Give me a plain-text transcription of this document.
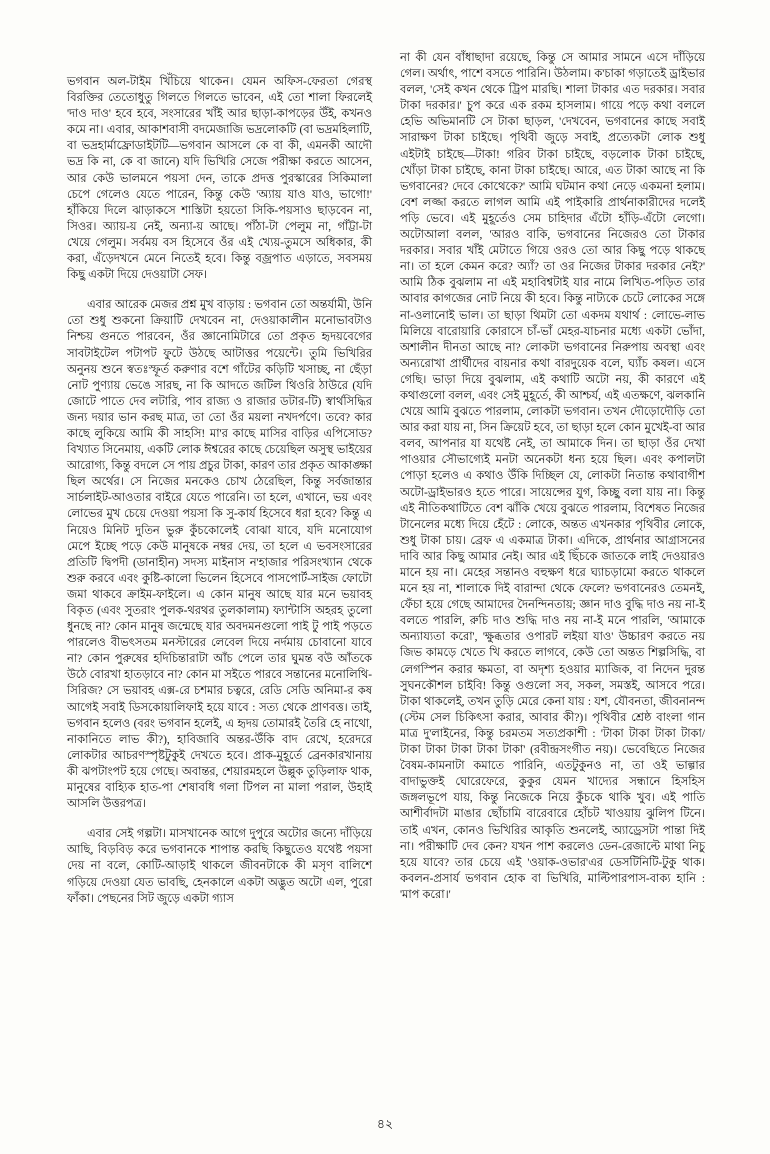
ভগবান অল-টাইম খিঁচিয়ে থাকেন। যেমন অফিস-ফেরতা গেরস্থ বিরক্তির তেতোধুতু গিলতে গিলতে ভাবেন, এই তো শালা ফিরলেই 'দাও দাও' হবে হবে, সংসারের খাঁই আর ছাড়া-কাপড়ের উঁই, কখনও কমে না। এবার, আকাশবাসী বদমেজাজি ভদ্রলোকটি (বা ভদ্রমহিলাটি, বা ভদ্রহার্মাফ্রোডাইটটি—ভগবান আসলে কে বা কী, এমনকী আদৌ ভদ্র কি না, কে বা জানে) যদি ভিখিরি সেজে পরীক্ষা করতে আসেন, আর কেউ ভালমনে পয়সা দেন, তাকে প্রদত্ত পুরস্কারের সিকিমালা চেপে গেলেও যেতে পারেন, কিন্তু কেউ 'অ্যায় যাও যাও, ভাগো!' হাঁকিয়ে দিলে ঝাড়াকসে শাস্তিটা হয়তো সিকি-পয়সাও ছাড়বেন না, সিওর। অ্যায়-য় নেই, অন্যা-য় আছে। পাঁঠা-টা পেলুম না, গাঁট্টা-টা খেয়ে গেলুম। সর্বময় বস হিসেবে ওঁর এই খ্যেয়-তুমসে অধিকার, কী করা, এঁড়েদখনে মেনে নিতেই হবে। কিন্তু বজ্রপাত এড়াতে, সবসময় কিছু একটা দিয়ে দেওয়াটা সেফ।

এবার আরেক মেজর প্রশ্ন মুখ বাড়ায় : ভগবান তো অন্তর্যামী, উনি তো শুধু শুকনো ক্রিয়াটি দেখবেন না, দেওয়াকালীন মনোভাবটাও নিশ্চয় গুনতে পারবেন, ওঁর জ্ঞানোমিটারে তো প্রকৃত হৃদয়বেগের সাবটাইটেল পটাপট ফুটে উঠছে আটাত্তর পয়েন্টে। তুমি ভিখিরির অনুনয় শুনে স্বতঃস্ফূর্ত করুণার বশে গাঁটের কড়িটি খসাচ্ছ, না ছেঁড়া নোট পুণ্যায় ভেঙে সারছ, না কি আদতে জটিল থিওরি ঠাউরে (যদি জোটে পাতে দেব লটারি, পাব রাজ্য ও রাজার ডটার-টি) স্বার্থসিদ্ধির জন্য দয়ার ভান করছ মাত্র, তা তো ওঁর ময়লা নখদর্পণে। তবে? কার কাছে লুকিয়ে আমি কী সাহসি! মা'র কাছে মাসির বাড়ির এপিসোড? বিখ্যাত সিনেমায়, একটি লোক ঈশ্বরের কাছে চেয়েছিল অসুস্থ ভাইয়ের আরোগ্য, কিন্তু বদলে সে পায় প্রচুর টাকা, কারণ তার প্রকৃত আকাঙ্ক্ষা ছিল অর্থের। সে নিজের মনকেও চোখ ঠেরেছিল, কিন্তু সর্বজান্তার সার্চলাইট-আওতার বাইরে যেতে পারেনি। তা হলে, এখানে, ভয় এবং লোভের মুখ চেয়ে দেওয়া পয়সা কি সু-কার্য হিসেবে ধরা হবে? কিন্তু এ নিয়েও মিনিট দুতিন ভুরু কুঁচকোলেই বোঝা যাবে, যদি মনোযোগ মেপে ইচ্ছে পড়ে কেউ মানুষকে নম্বর দেয়, তা হলে এ ভবসংসারের প্রতিটি দ্বিপদী (ডানাহীন) সদস্য মাইনাস ন'হাজার পরিসংখ্যান থেকে শুরু করবে এবং কুষ্টি-কালো ভিলেন হিসেবে পাসপোর্ট-সাইজ ফোটো জমা থাকবে ক্রাইম-ফাইলে। এ কোন মানুষ আছে যার মনে ভয়াবহ বিকৃত (এবং সুতরাং পুলক-থরথর তুলকালাম) ফ্যান্টাসি অহরহ তুলো ধুনছে না? কোন মানুষ জন্মেছে যার অবদমনগুলো পাই টু পাই পড়তে পারলেও বীভৎসতম মনস্টারের লেবেল দিয়ে নর্দমায় চোবানো যাবে না? কোন পুরুষের হদিচিন্তারাটা আঁচ পেলে তার ঘুমন্ত বউ আঁতকে উঠে বোরখা হাতড়াবে না? কোন মা সইতে পারবে সন্তানের মনোলিথি-সিরিজ? সে ভয়াবহ এক্স-রে চশমার চত্বরে, রেডি সেডি অনিমা-র কষ আগেই সবাই ডিসকোয়ালিফাই হয়ে যাবে : সত্য থেকে প্রাণবত্ত। তাই, ভগবান হলেও (বরং ভগবান হলেই, এ হৃদয় তোমারই তৈরি হে নাথো, নাকানিতে লাভ কী?), হাবিজাবি অন্তর-উঁকি বাদ রেখে, হরেদরে লোকটার আচরণস্পৃষ্টটুকুই দেখতে হবে। প্রাক-মুহূর্তে ব্রেনকারখানায় কী ঝপটাংপট হয়ে গেছে। অবান্তর, শেয়ারমহলে উল্লুক তুড়িলাফ থাক, মানুষের বাহ্যিক হাত-পা শেষাবধি গলা টিপল না মালা পরাল, উহাই আসলি উত্তরপত্র।

এবার সেই গল্পটা। মাসখানেক আগে দুপুরে অটোর জন্যে দাঁড়িয়ে আছি, বিড়বিড় করে ভগবানকে শাপান্ত করছি কিছুতেও যথেষ্ট পয়সা দেয় না বলে, কোটি-আড়াই থাকলে জীবনটাকে কী মসৃণ বালিশে গড়িয়ে দেওয়া যেত ভাবছি, হেনকালে একটা অদ্ভুত অটো এল, পুরো ফাঁকা। পেছনের সিট জুড়ে একটা গ্যাস

না কী যেন বাঁধাছাদা রয়েছে, কিন্তু সে আমার সামনে এসে দাঁড়িয়ে গেল। অর্থাৎ, পাশে বসতে পারিনি। উঠলাম। ক'চাকা গড়াতেই ড্রাইভার বলল, 'সেই কখন থেকে ট্রিপ মারছি। শালা টাকার এত দরকার। সবার টাকা দরকার।' চুপ করে এক রকম হাসলাম। গায়ে পড়ে কথা বললে হেভি অভিমানটি সে টাকা ছাড়ল, 'দেখবেন, ভগবানের কাছে সবাই সারাক্ষণ টাকা চাইছে। পৃথিবী জুড়ে সবাই, প্রত্যেকটা লোক শুধু এইটাই চাইছে—টাকা! গরিব টাকা চাইছে, বড়লোক টাকা চাইছে, খোঁড়া টাকা চাইছে, কানা টাকা চাইছে। আরে, এত টাকা আছে না কি ভগবানের? দেবে কোথেকে?' আমি ঘটমান কথা নেড়ে একমনা হলাম। বেশ লজ্জা করতে লাগল আমি এই পাইকারি প্রার্থনাকারীদের দলেই পড়ি ভেবে। এই মুহূর্তেও সেম চাহিদার এঁটো হাঁড়ি-এঁটো লেগো। অটোআলা বলল, 'আরও বাকি, ভগবানের নিজেরও তো টাকার দরকার। সবার খাঁই মেটাতে গিয়ে ওরও তো আর কিছু পড়ে থাকছে না। তা হলে কেমন করে? অ্যাঁ? তা ওর নিজের টাকার দরকার নেই?' আমি ঠিক বুঝলাম না এই মহাবিশ্বটাই যার নামে লিখিত-পড়িত তার আবার কাগজের নোট নিয়ে কী হবে। কিন্তু নাট্যকে চেটে লোকের সঙ্গে না-ওলানোই ভাল। তা ছাড়া থিমটা তো একদম যথার্থ : লোভে-লাভ মিলিয়ে বারোয়ারি কোরাসে চাঁ-ভাঁ মেহর-যাচনার মধ্যে একটা ভোঁদা, অশালীন দীনতা আছে না? লোকটা ভগবানের নিরুপায় অবস্থা এবং অন্যরোখা প্রার্থীদের বায়নার কথা বারদুয়েক বলে, ঘ্যাঁচ কষল। এসে গেছি। ভাড়া দিয়ে বুঝলাম, এই কথাটি অটো নয়, কী কারণে এই কথাগুলো বলল, এবং সেই মুহূর্তে, কী আশ্চর্য, এই এতক্ষণে, ঝলকানি খেয়ে আমি বুঝতে পারলাম, লোকটা ভগবান। তখন দৌড়োদৌড়ি তো আর করা যায় না, সিন ক্রিয়েট হবে, তা ছাড়া হলে কোন মুখেই-বা আর বলব, আপনার যা যথেষ্ট নেই, তা আমাকে দিন। তা ছাড়া ওঁর দেখা পাওয়ার সৌভাগ্যেই মনটা অনেকটা ধন্য হয়ে ছিল। এবং কপালটা পোড়া হলেও এ কথাও উঁকি দিচ্ছিল যে, লোকটা নিতান্ত কথাবাগীশ অটো-ড্রাইভারও হতে পারে। সায়েন্সের যুগ, কিচ্ছু বলা যায় না। কিন্তু এই নীতিকথাটিতে বেশ ঝাঁকি খেয়ে বুঝতে পারলাম, বিশেষত নিজের টানেলের মধ্যে দিয়ে হেঁটে : লোকে, অন্তত এখনকার পৃথিবীর লোকে, শুধু টাকা চায়। ব্রেফ এ একমাত্র টাকা। এদিকে, প্রার্থনার আগ্রাসনের দাবি আর কিছু আমার নেই। আর এই ছিঁচকে জাতকে লাই দেওয়ারও মানে হয় না। মেহের সন্তানও বহুক্ষণ ধরে ঘ্যাচড়ামো করতে থাকলে মনে হয় না, শালাকে দিই বারান্দা থেকে ফেলে? ভগবানেরও তেমনই, ফেঁচা হয়ে গেছে আমাদের দৈনন্দিনতায়; জ্ঞান দাও বুদ্ধি দাও নয় না-ই বলতে পারলি, রুচি দাও শুদ্ধি দাও নয় না-ই মনে পারলি, 'আমাকে অন্যায্যতা করো', 'ক্ষুব্ধতার ওপারট লইয়া যাও' উচ্চারণ করতে নয় জিভ কামড়ে খেতে খি করতে লাগবে, কেউ তো অন্তত শিল্পসিদ্ধি, বা লেগস্পিন করার ক্ষমতা, বা অদৃশ্য হওয়ার ম্যাজিক, বা নিদেন দুরন্ত সুঘনকৌশল চাইবি! কিন্তু ওগুলো সব, সকল, সমস্তই, আসবে পরে। টাকা থাকলেই, তখন তুড়ি মেরে কেনা যায় : যশ, যৌবনতা, জীবনানন্দ (স্টেম সেল চিকিৎসা করার, আবার কী?)। পৃথিবীর শ্রেষ্ঠ বাংলা গান মাত্র দু'লাইনের, কিন্তু চরমতম সত্যপ্রকাশী : 'টাকা টাকা টাকা টাকা/ টাকা টাকা টাকা টাকা টাকা' (রবীন্দ্রসংগীত নয়)। ভেবেছিতে নিজের বৈষম-কামনাটা কমাতে পারিনি, এতটুকুনও না, তা ওই ভাল্গার বাদাভুক্তই ঘোরেফেরে, কুকুর যেমন খাদ্যের সন্ধানে হিসহিস জঙ্গলভূপে যায়, কিন্তু নিজেকে নিয়ে কুঁচকে থাকি খুব। এই পাতি আশীর্বাদটা মাঙার ছোঁচামি বারেবারে হোঁচট খাওয়ায় ঝুলিপ টিনে। তাই এখন, কোনও ভিখিরির আকৃতি শুনলেই, অ্যাড্রেসটা পান্তা দিই না। পরীক্ষাটি দেব কেন? যখন পাশ করলেও ডেন-রেজাল্টে মাথা নিচু হয়ে যাবে? তার চেয়ে এই 'ওয়াক-ওভার'এর ডেসটিনিটি-টুকু থাক। কবলন-প্রসার্য ভগবান হোক বা ভিখিরি, মাল্টিপারপাস-বাক্য হানি : 'মাপ করো।'

৪২
